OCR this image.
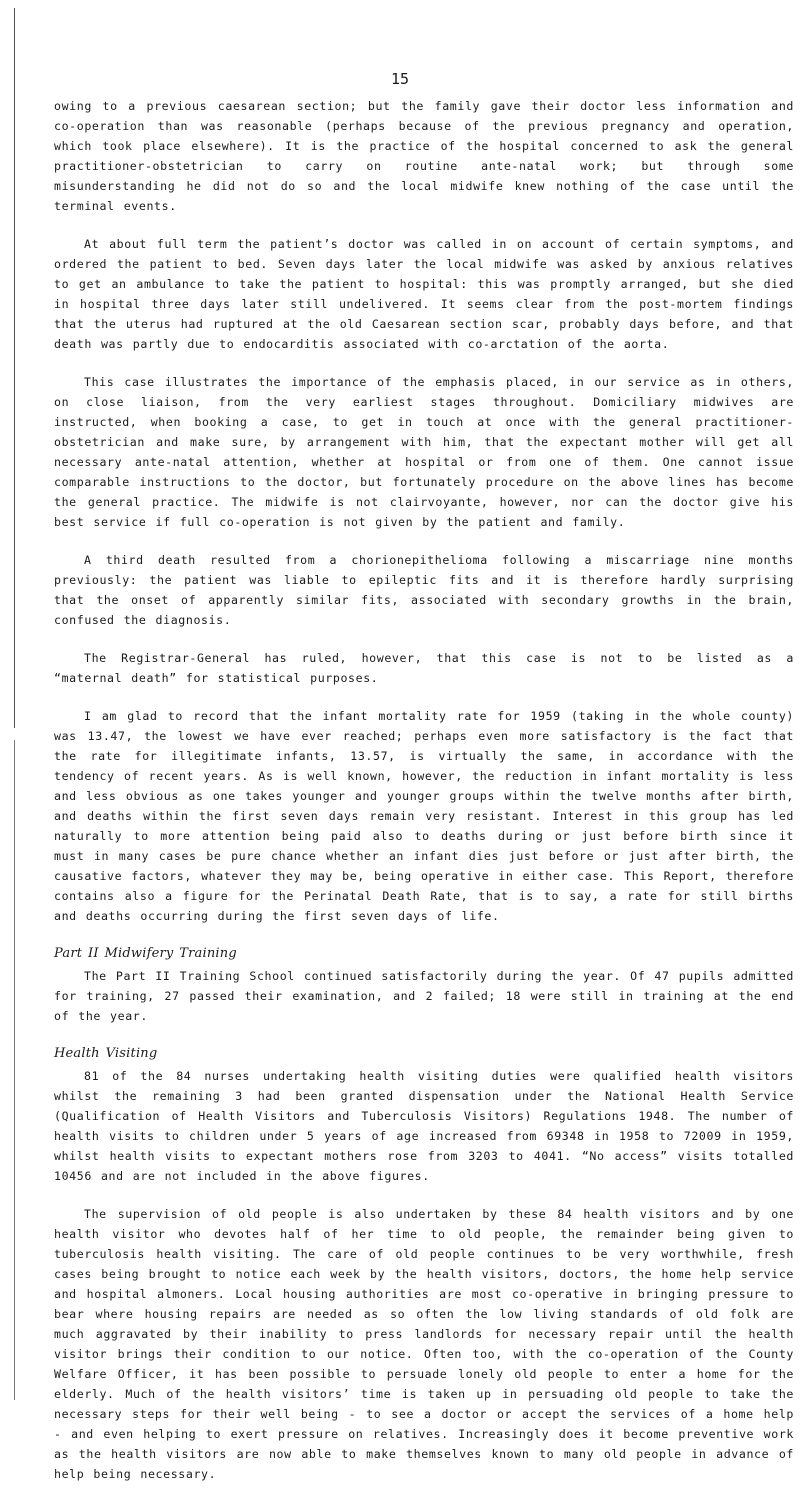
15

owing to a previous caesarean section; but the family gave their doctor less information and co-operation than was reasonable (perhaps because of the previous pregnancy and operation, which took place elsewhere). It is the practice of the hospital concerned to ask the general practitioner-obstetrician to carry on routine ante-natal work; but through some misunderstanding he did not do so and the local midwife knew nothing of the case until the terminal events.

At about full term the patient’s doctor was called in on account of certain symptoms, and ordered the patient to bed. Seven days later the local midwife was asked by anxious relatives to get an ambulance to take the patient to hospital: this was promptly arranged, but she died in hospital three days later still undelivered. It seems clear from the post-mortem findings that the uterus had ruptured at the old Caesarean section scar, probably days before, and that death was partly due to endocarditis associated with co-arctation of the aorta.

This case illustrates the importance of the emphasis placed, in our service as in others, on close liaison, from the very earliest stages throughout. Domiciliary midwives are instructed, when booking a case, to get in touch at once with the general practitioner-obstetrician and make sure, by arrangement with him, that the expectant mother will get all necessary ante-natal attention, whether at hospital or from one of them. One cannot issue comparable instructions to the doctor, but fortunately procedure on the above lines has become the general practice. The midwife is not clairvoyante, however, nor can the doctor give his best service if full co-operation is not given by the patient and family.

A third death resulted from a chorionepithelioma following a miscarriage nine months previously: the patient was liable to epileptic fits and it is therefore hardly surprising that the onset of apparently similar fits, associated with secondary growths in the brain, confused the diagnosis.

The Registrar-General has ruled, however, that this case is not to be listed as a “maternal death” for statistical purposes.

I am glad to record that the infant mortality rate for 1959 (taking in the whole county) was 13.47, the lowest we have ever reached; perhaps even more satisfactory is the fact that the rate for illegitimate infants, 13.57, is virtually the same, in accordance with the tendency of recent years. As is well known, however, the reduction in infant mortality is less and less obvious as one takes younger and younger groups within the twelve months after birth, and deaths within the first seven days remain very resistant. Interest in this group has led naturally to more attention being paid also to deaths during or just before birth since it must in many cases be pure chance whether an infant dies just before or just after birth, the causative factors, whatever they may be, being operative in either case. This Report, therefore contains also a figure for the Perinatal Death Rate, that is to say, a rate for still births and deaths occurring during the first seven days of life.

Part II Midwifery Training

The Part II Training School continued satisfactorily during the year. Of 47 pupils admitted for training, 27 passed their examination, and 2 failed; 18 were still in training at the end of the year.

Health Visiting

81 of the 84 nurses undertaking health visiting duties were qualified health visitors whilst the remaining 3 had been granted dispensation under the National Health Service (Qualification of Health Visitors and Tuberculosis Visitors) Regulations 1948. The number of health visits to children under 5 years of age increased from 69348 in 1958 to 72009 in 1959, whilst health visits to expectant mothers rose from 3203 to 4041. “No access” visits totalled 10456 and are not included in the above figures.

The supervision of old people is also undertaken by these 84 health visitors and by one health visitor who devotes half of her time to old people, the remainder being given to tuberculosis health visiting. The care of old people continues to be very worthwhile, fresh cases being brought to notice each week by the health visitors, doctors, the home help service and hospital almoners. Local housing authorities are most co-operative in bringing pressure to bear where housing repairs are needed as so often the low living standards of old folk are much aggravated by their inability to press landlords for necessary repair until the health visitor brings their condition to our notice. Often too, with the co-operation of the County Welfare Officer, it has been possible to persuade lonely old people to enter a home for the elderly. Much of the health visitors’ time is taken up in persuading old people to take the necessary steps for their well being - to see a doctor or accept the services of a home help - and even helping to exert pressure on relatives. Increasingly does it become preventive work as the health visitors are now able to make themselves known to many old people in advance of help being necessary.
